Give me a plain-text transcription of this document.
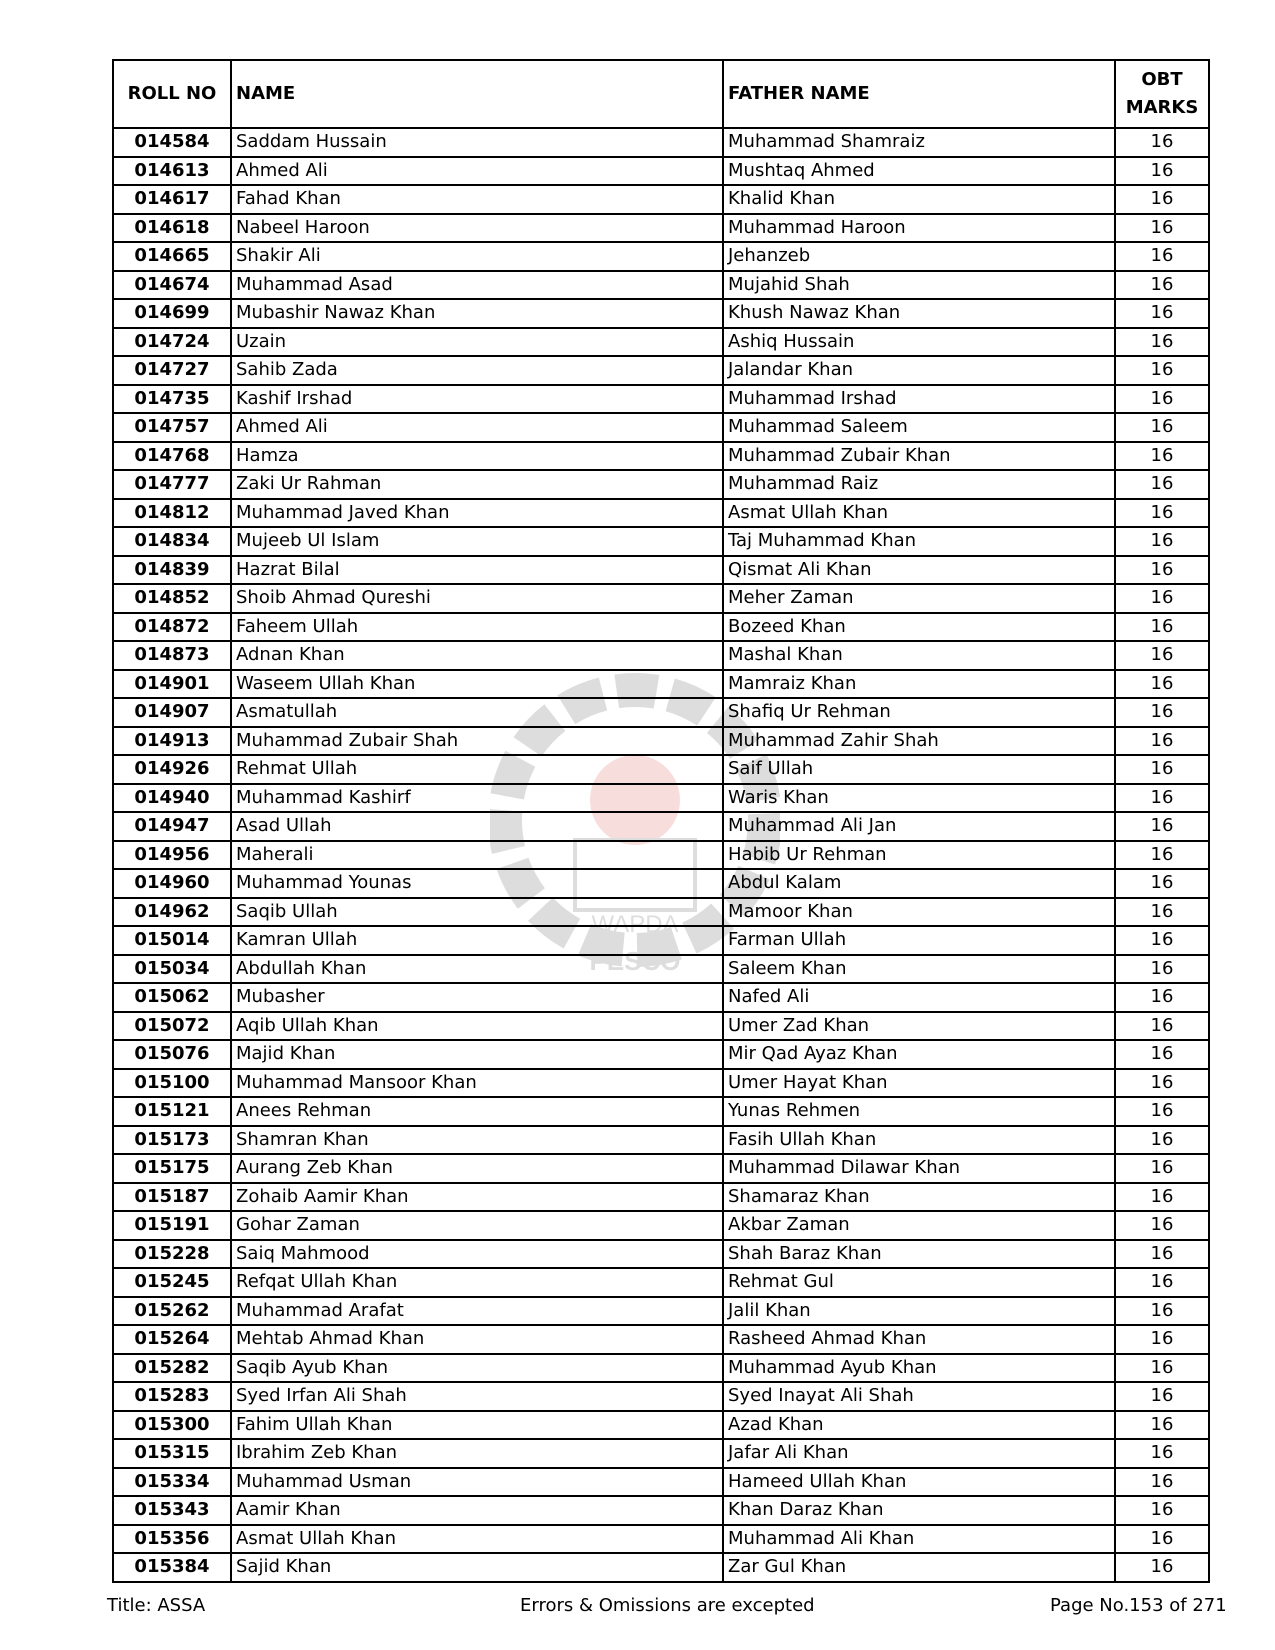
WAPDA
PESCO
ROLL NO	NAME	FATHER NAME	OBT
MARKS
014584	Saddam Hussain	Muhammad Shamraiz	16
014613	Ahmed Ali	Mushtaq Ahmed	16
014617	Fahad Khan	Khalid Khan	16
014618	Nabeel Haroon	Muhammad Haroon	16
014665	Shakir Ali	Jehanzeb	16
014674	Muhammad Asad	Mujahid Shah	16
014699	Mubashir Nawaz Khan	Khush Nawaz Khan	16
014724	Uzain	Ashiq Hussain	16
014727	Sahib Zada	Jalandar Khan	16
014735	Kashif Irshad	Muhammad Irshad	16
014757	Ahmed Ali	Muhammad Saleem	16
014768	Hamza	Muhammad Zubair Khan	16
014777	Zaki Ur Rahman	Muhammad Raiz	16
014812	Muhammad Javed Khan	Asmat Ullah Khan	16
014834	Mujeeb Ul Islam	Taj Muhammad Khan	16
014839	Hazrat Bilal	Qismat Ali Khan	16
014852	Shoib Ahmad Qureshi	Meher Zaman	16
014872	Faheem Ullah	Bozeed Khan	16
014873	Adnan Khan	Mashal Khan	16
014901	Waseem Ullah Khan	Mamraiz Khan	16
014907	Asmatullah	Shafiq Ur Rehman	16
014913	Muhammad Zubair Shah	Muhammad Zahir Shah	16
014926	Rehmat Ullah	Saif Ullah	16
014940	Muhammad Kashirf	Waris Khan	16
014947	Asad Ullah	Muhammad Ali Jan	16
014956	Maherali	Habib Ur Rehman	16
014960	Muhammad Younas	Abdul Kalam	16
014962	Saqib Ullah	Mamoor Khan	16
015014	Kamran Ullah	Farman Ullah	16
015034	Abdullah Khan	Saleem Khan	16
015062	Mubasher	Nafed Ali	16
015072	Aqib Ullah Khan	Umer Zad Khan	16
015076	Majid Khan	Mir Qad Ayaz Khan	16
015100	Muhammad Mansoor Khan	Umer Hayat Khan	16
015121	Anees Rehman	Yunas Rehmen	16
015173	Shamran Khan	Fasih Ullah Khan	16
015175	Aurang Zeb Khan	Muhammad Dilawar Khan	16
015187	Zohaib Aamir Khan	Shamaraz Khan	16
015191	Gohar Zaman	Akbar Zaman	16
015228	Saiq Mahmood	Shah Baraz Khan	16
015245	Refqat Ullah Khan	Rehmat Gul	16
015262	Muhammad Arafat	Jalil Khan	16
015264	Mehtab Ahmad Khan	Rasheed Ahmad Khan	16
015282	Saqib Ayub Khan	Muhammad Ayub Khan	16
015283	Syed Irfan Ali Shah	Syed Inayat Ali Shah	16
015300	Fahim Ullah Khan	Azad Khan	16
015315	Ibrahim Zeb Khan	Jafar Ali Khan	16
015334	Muhammad Usman	Hameed Ullah Khan	16
015343	Aamir Khan	Khan Daraz Khan	16
015356	Asmat Ullah Khan	Muhammad Ali Khan	16
015384	Sajid Khan	Zar Gul Khan	16
Title: ASSA	Errors & Omissions are excepted	Page No.153 of 271
